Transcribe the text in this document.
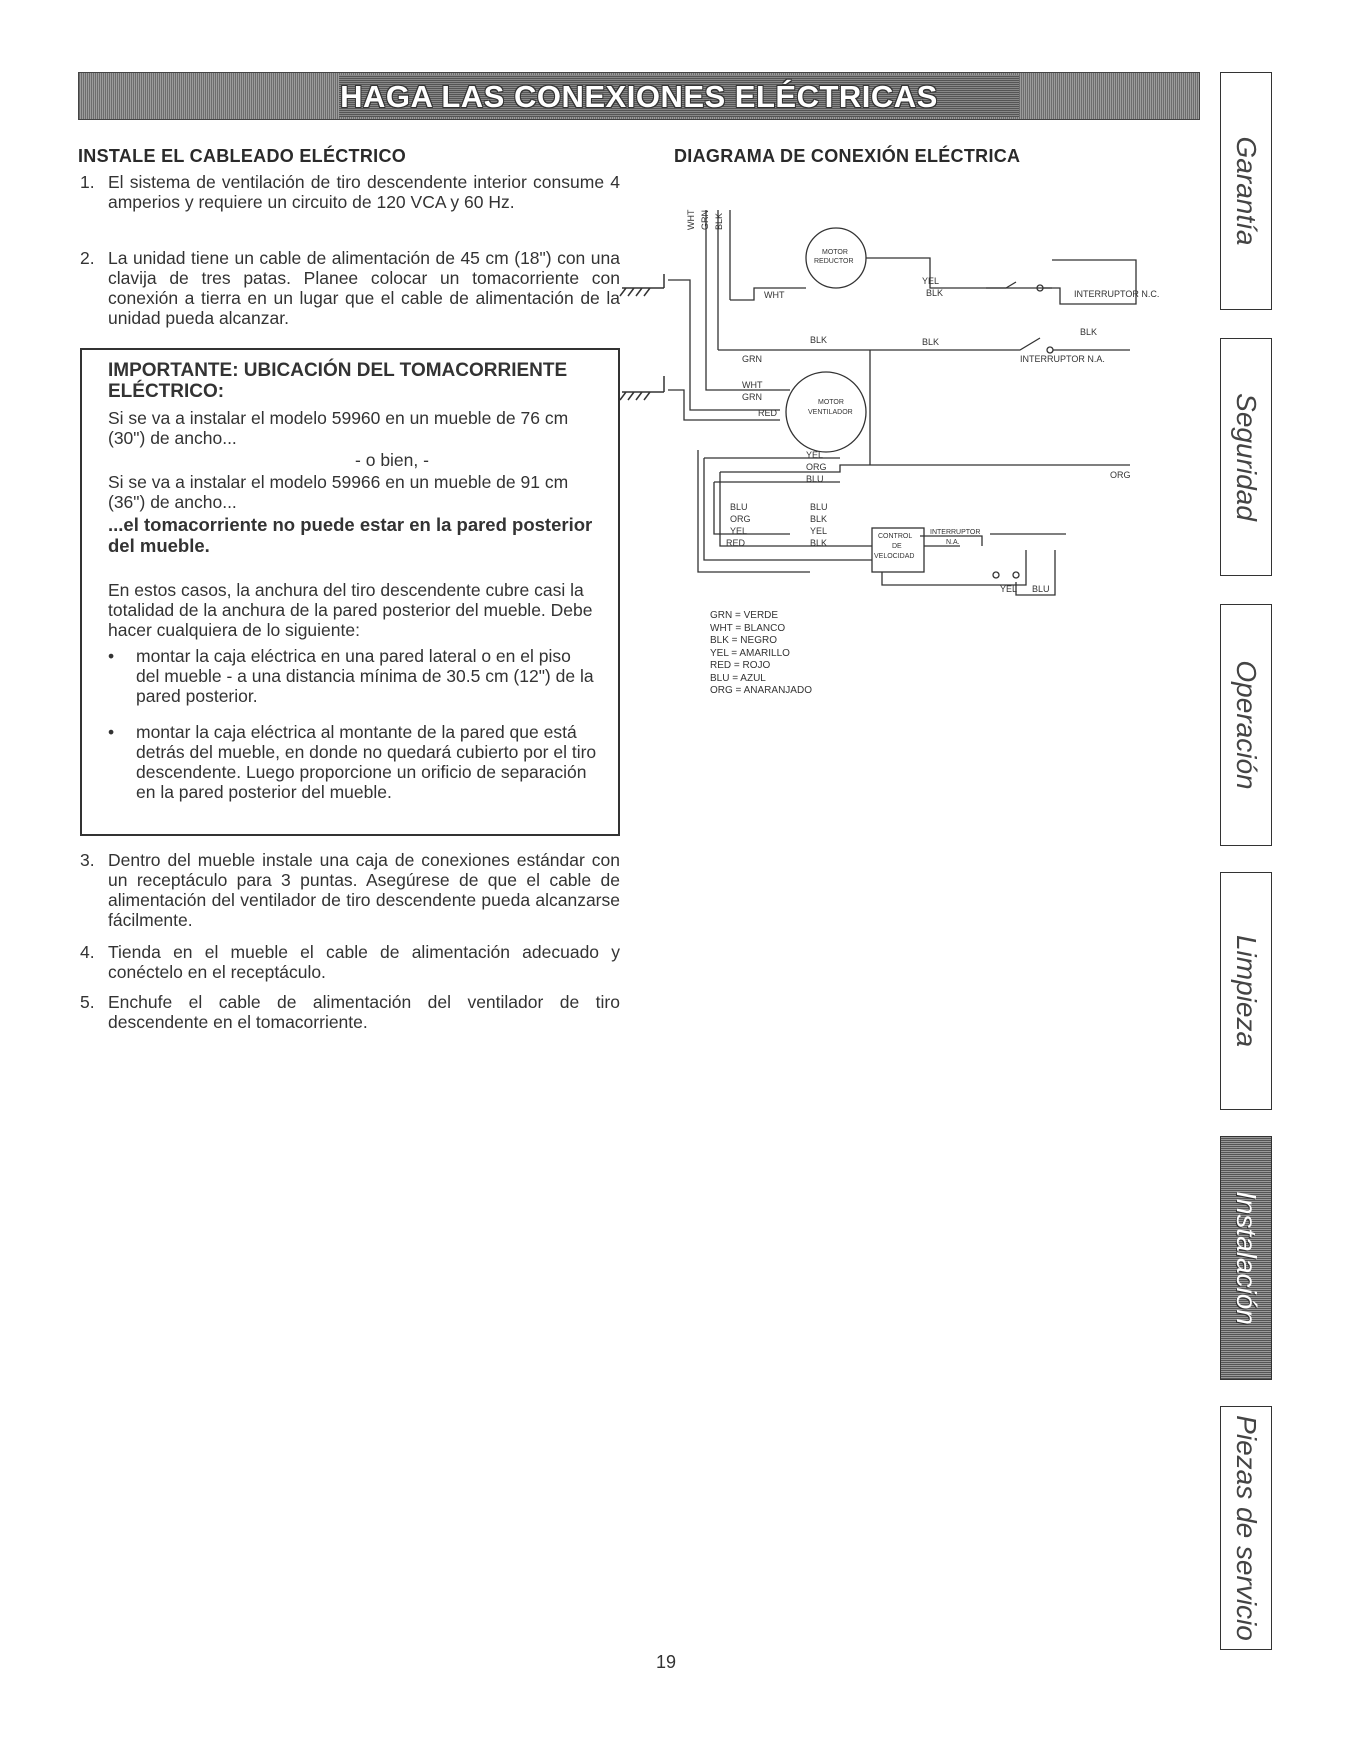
HAGA LAS CONEXIONES ELÉCTRICAS
INSTALE EL CABLEADO ELÉCTRICO
1. El sistema de ventilación de tiro descendente interior consume 4 amperios y requiere un circuito de 120 VCA y 60 Hz.
2. La unidad tiene un cable de alimentación de 45 cm (18") con una clavija de tres patas. Planee colocar un tomacorriente con conexión a tierra en un lugar que el cable de alimentación de la unidad pueda alcanzar.
IMPORTANTE: UBICACIÓN DEL TOMACORRIENTE ELÉCTRICO:
Si se va a instalar el modelo 59960 en un mueble de 76 cm (30") de ancho...
- o bien, -
Si se va a instalar el modelo 59966 en un mueble de 91 cm (36") de ancho...
...el tomacorriente no puede estar en la pared posterior del mueble.
En estos casos, la anchura del tiro descendente cubre casi la totalidad de la anchura de la pared posterior del mueble. Debe hacer cualquiera de lo siguiente:
• montar la caja eléctrica en una pared lateral o en el piso del mueble - a una distancia mínima de 30.5 cm (12") de la pared posterior.
• montar la caja eléctrica al montante de la pared que está detrás del mueble, en donde no quedará cubierto por el tiro descendente. Luego proporcione un orificio de separación en la pared posterior del mueble.
3. Dentro del mueble instale una caja de conexiones estándar con un receptáculo para 3 puntas. Asegúrese de que el cable de alimentación del ventilador de tiro descendente pueda alcanzarse fácilmente.
4. Tienda en el mueble el cable de alimentación adecuado y conéctelo en el receptáculo.
5. Enchufe el cable de alimentación del ventilador de tiro descendente en el tomacorriente.
DIAGRAMA DE CONEXIÓN ELÉCTRICA
WHT GRN BLK
MOTOR
REDUCTOR
WHT
YEL
BLK	INTERRUPTOR N.C.
BLK
BLK	BLK
INTERRUPTOR N.A.
GRN
WHT
GRN
RED
MOTOR
VENTILADOR
YEL
ORG
BLU	ORG
BLU	BLU
ORG	BLK
YEL	YEL
RED	BLK
CONTROL
DE
VELOCIDAD
INTERRUPTOR
N.A.
YEL BLU
GRN = VERDE
WHT = BLANCO
BLK = NEGRO
YEL = AMARILLO
RED = ROJO
BLU = AZUL
ORG = ANARANJADO
Garantía
Seguridad
Operación
Limpieza
Instalación
Piezas de servicio
19
